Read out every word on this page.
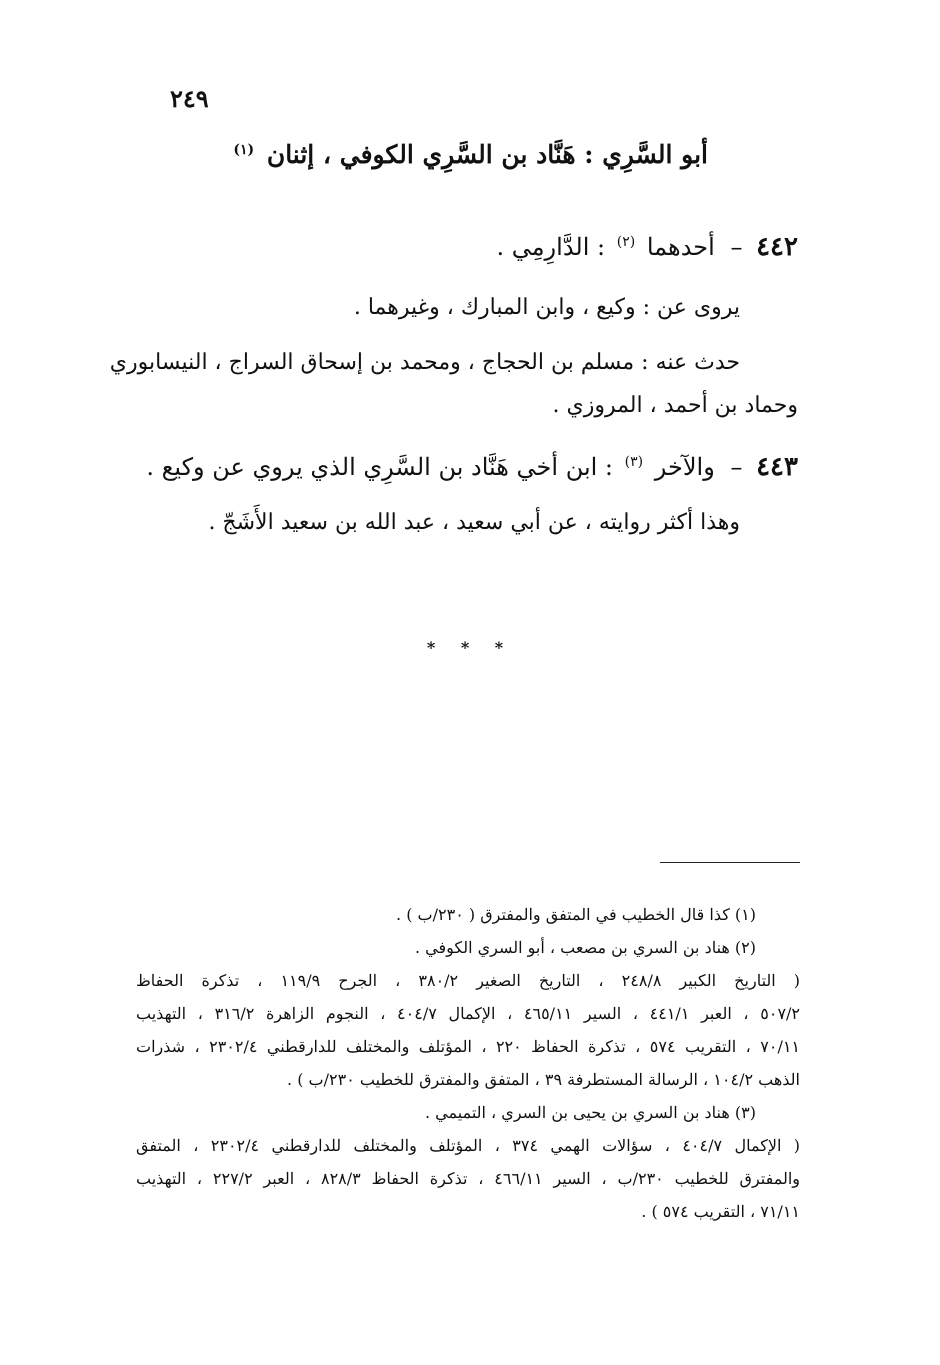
٢٤٩
أبو السَّرِي : هَنَّاد بن السَّرِي الكوفي ، إثنان $^{(١)}$
٤٤٢ – أحدهما $^{(٢)}$ : الدَّارِمِي .
يروى عن : وكيع ، وابن المبارك ، وغيرهما .
حدث عنه : مسلم بن الحجاج ، ومحمد بن إسحاق السراج ، النيسابوري
وحماد بن أحمد ، المروزي .
٤٤٣ – والآخر $^{(٣)}$ : ابن أخي هَنَّاد بن السَّرِي الذي يروي عن وكيع .
وهذا أكثر روايته ، عن أبي سعيد ، عبد الله بن سعيد الأَشَجّ .
* * *
(١) كذا قال الخطيب في المتفق والمفترق ( ٢٣٠/ب ) .
(٢) هناد بن السري بن مصعب ، أبو السري الكوفي .
( التاريخ الكبير ٢٤٨/٨ ، التاريخ الصغير ٣٨٠/٢ ، الجرح ١١٩/٩ ، تذكرة الحفاظ
٥٠٧/٢ ، العبر ٤٤١/١ ، السير ٤٦٥/١١ ، الإكمال ٤٠٤/٧ ، النجوم الزاهرة ٣١٦/٢ ، التهذيب
٧٠/١١ ، التقريب ٥٧٤ ، تذكرة الحفاظ ٢٢٠ ، المؤتلف والمختلف للدارقطني ٢٣٠٢/٤ ، شذرات
الذهب ١٠٤/٢ ، الرسالة المستطرفة ٣٩ ، المتفق والمفترق للخطيب ٢٣٠/ب ) .
(٣) هناد بن السري بن يحيى بن السري ، التميمي .
( الإكمال ٤٠٤/٧ ، سؤالات الهمي ٣٧٤ ، المؤتلف والمختلف للدارقطني ٢٣٠٢/٤ ، المتفق
والمفترق للخطيب ٢٣٠/ب ، السير ٤٦٦/١١ ، تذكرة الحفاظ ٨٢٨/٣ ، العبر ٢٢٧/٢ ، التهذيب
٧١/١١ ، التقريب ٥٧٤ ) .
